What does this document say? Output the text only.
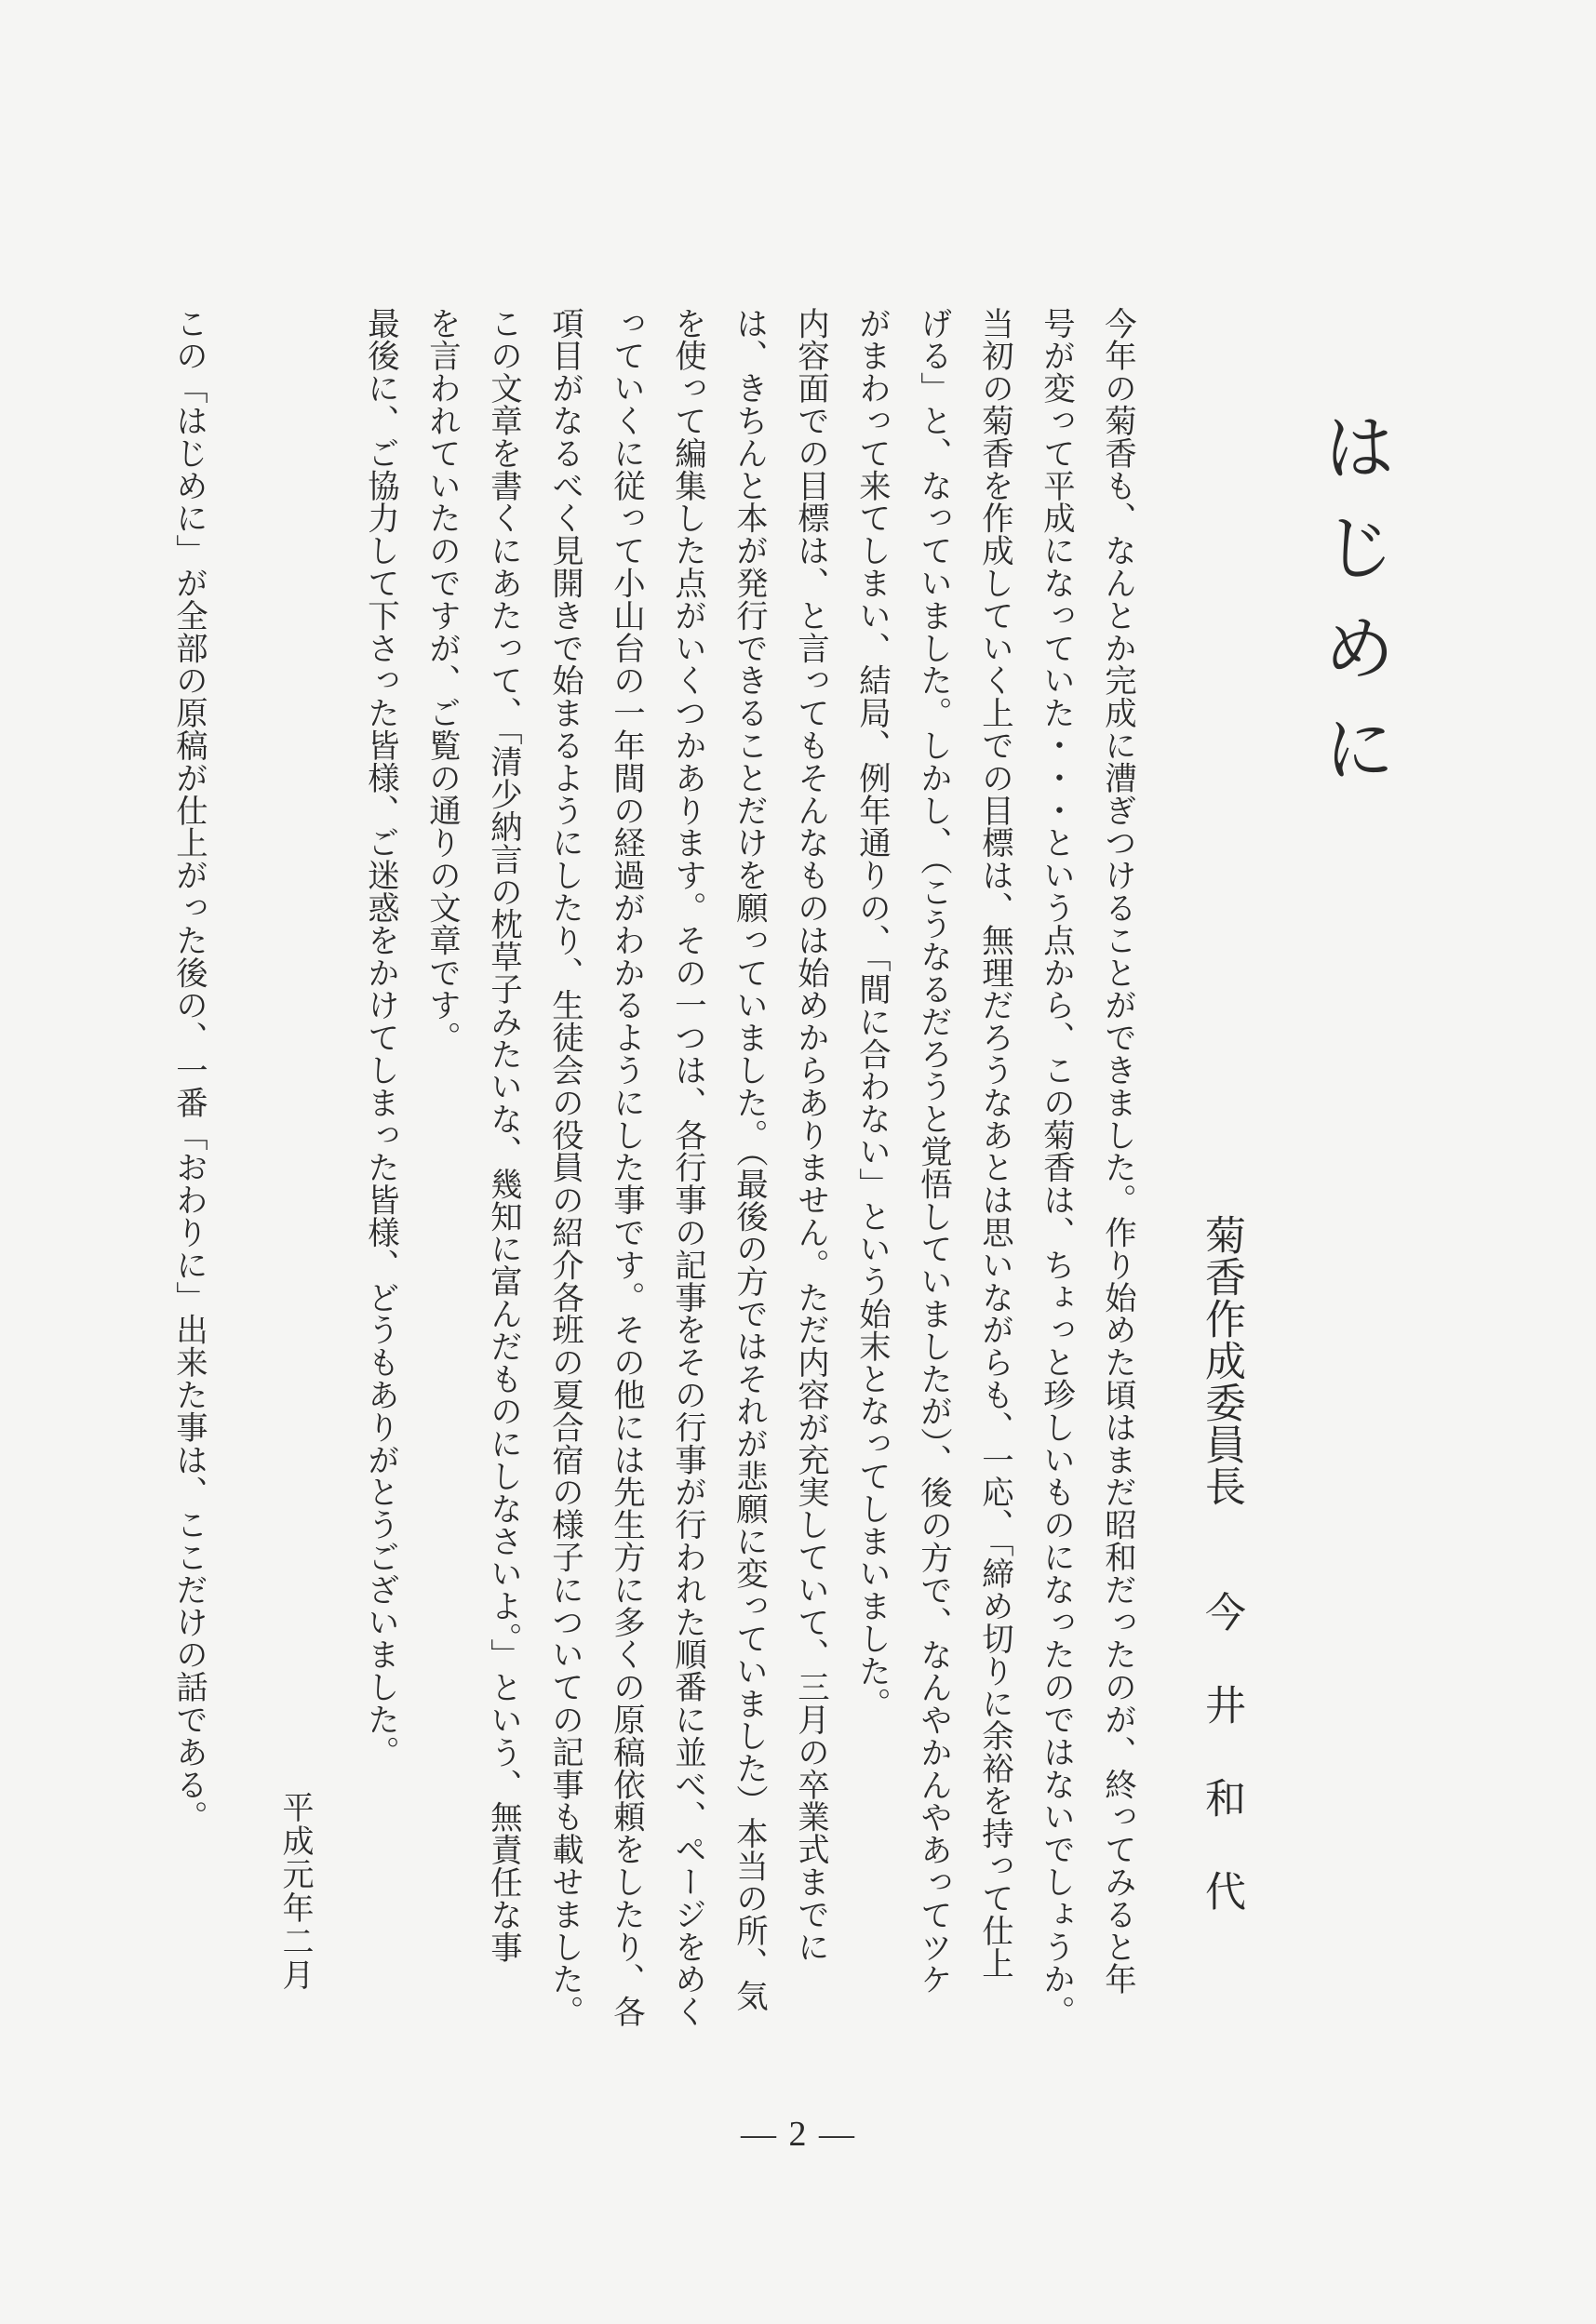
はじめに
菊香作成委員長
今井和代
今年の菊香も、なんとか完成に漕ぎつけることができました。作り始めた頃はまだ昭和だったのが、終ってみると年
号が変って平成になっていた・・・という点から、この菊香は、ちょっと珍しいものになったのではないでしょうか。
当初の菊香を作成していく上での目標は、無理だろうなあとは思いながらも、一応、「締め切りに余裕を持って仕上
げる」と、なっていました。しかし、（こうなるだろうと覚悟していましたが）、後の方で、なんやかんやあってツケ
がまわって来てしまい、結局、例年通りの、「間に合わない」という始末となってしまいました。
内容面での目標は、と言ってもそんなものは始めからありません。ただ内容が充実していて、三月の卒業式までに
は、きちんと本が発行できることだけを願っていました。（最後の方ではそれが悲願に変っていました）本当の所、気
を使って編集した点がいくつかあります。その一つは、各行事の記事をその行事が行われた順番に並べ、ページをめく
っていくに従って小山台の一年間の経過がわかるようにした事です。その他には先生方に多くの原稿依頼をしたり、各
項目がなるべく見開きで始まるようにしたり、生徒会の役員の紹介各班の夏合宿の様子についての記事も載せました。
この文章を書くにあたって、「清少納言の枕草子みたいな、幾知に富んだものにしなさいよ。」という、無責任な事
を言われていたのですが、ご覧の通りの文章です。
最後に、ご協力して下さった皆様、ご迷惑をかけてしまった皆様、どうもありがとうございました。
平成元年二月
この「はじめに」が全部の原稿が仕上がった後の、一番「おわりに」出来た事は、ここだけの話である。
— 2 —
